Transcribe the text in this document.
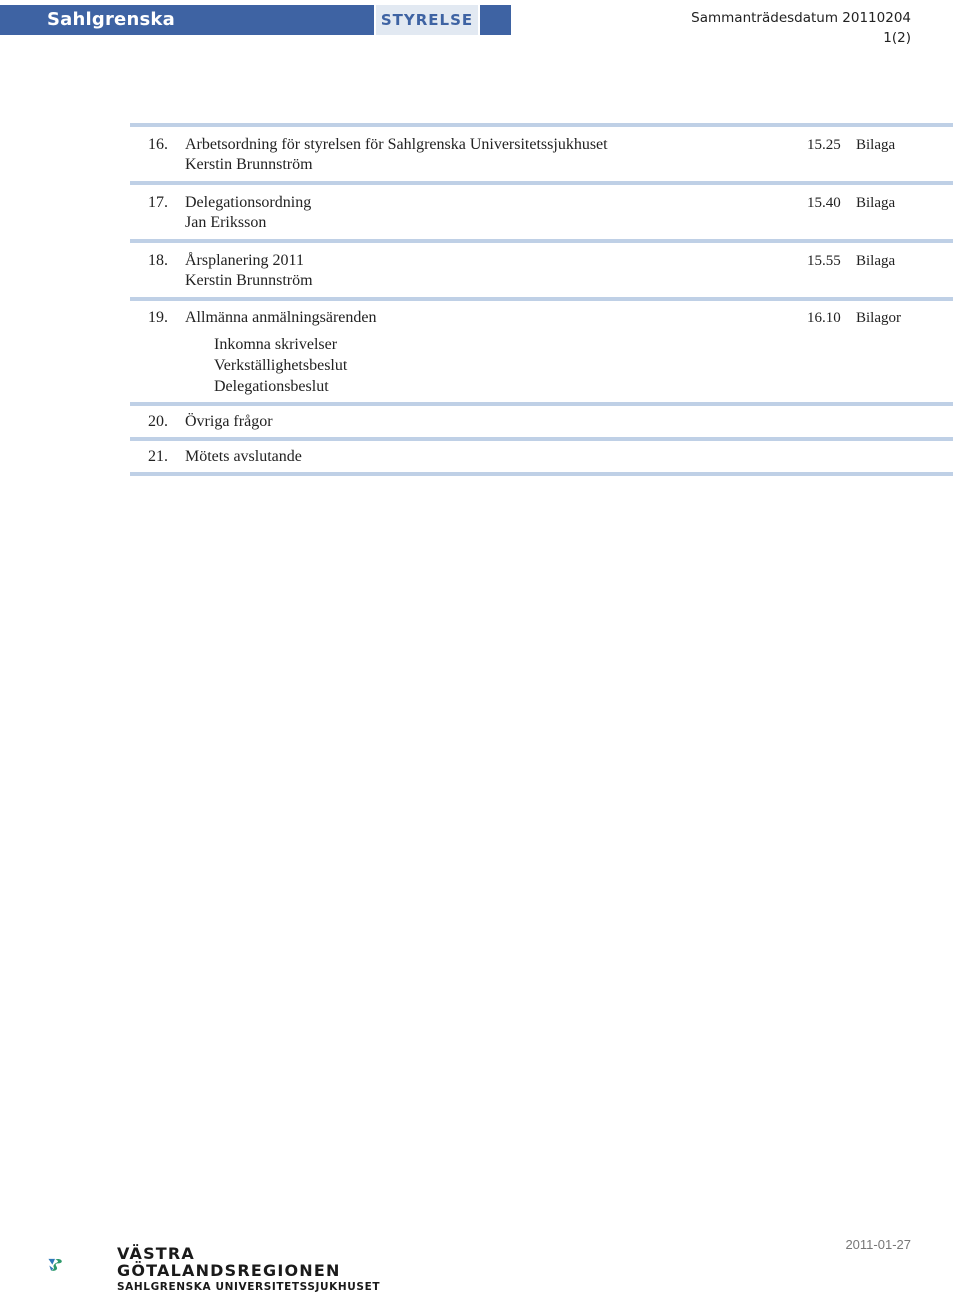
Sahlgrenska Universitetssjukhuset
STYRELSE	Sammanträdesdatum 20110204
1(2)
16. Arbetsordning för styrelsen för Sahlgrenska Universitetssjukhuset
Kerstin Brunnström
15.25 Bilaga
17. Delegationsordning
Jan Eriksson
15.40 Bilaga
18. Årsplanering 2011
Kerstin Brunnström
15.55 Bilaga
19. Allmänna anmälningsärenden
Inkomna skrivelser
Verkställighetsbeslut
Delegationsbeslut
16.10 Bilagor
20. Övriga frågor
21. Mötets avslutande
VÄSTRA
GÖTALANDSREGIONEN
SAHLGRENSKA UNIVERSITETSSJUKHUSET
2011-01-27
